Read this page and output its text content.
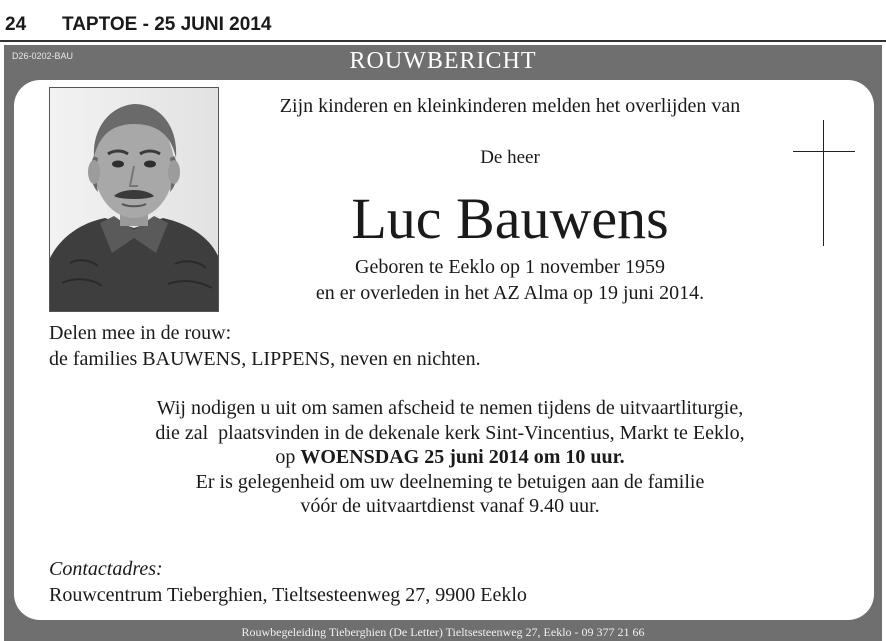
24 TAPTOE - 25 JUNI 2014
D26-0202-BAU	ROUWBERICHT
Rouwbegeleiding Tieberghien (De Letter) Tieltsesteenweg 27, Eeklo - 09 377 21 66
Zijn kinderen en kleinkinderen melden het overlijden van
De heer
Luc Bauwens
Geboren te Eeklo op 1 november 1959
en er overleden in het AZ Alma op 19 juni 2014.
Delen mee in de rouw:
de families BAUWENS, LIPPENS, neven en nichten.
Wij nodigen u uit om samen afscheid te nemen tijdens de uitvaartliturgie,
die zal  plaatsvinden in de dekenale kerk Sint-Vincentius, Markt te Eeklo,
op WOENSDAG 25 juni 2014 om 10 uur.
Er is gelegenheid om uw deelneming te betuigen aan de familie
vóór de uitvaartdienst vanaf 9.40 uur.
Contactadres:
Rouwcentrum Tieberghien, Tieltsesteenweg 27, 9900 Eeklo
